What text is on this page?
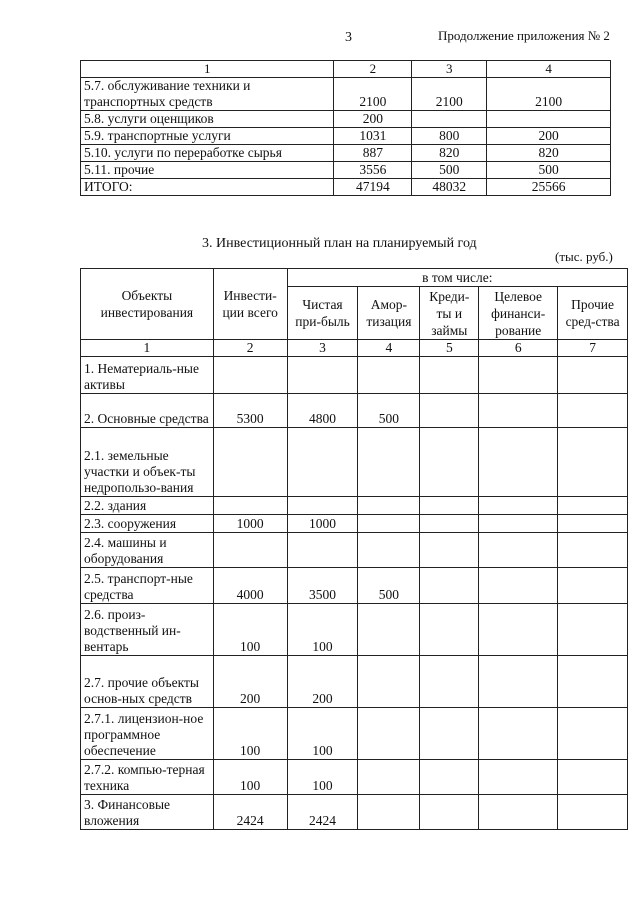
3	Продолжение приложения № 2
1	2	3	4
5.7. обслуживание техники и транспортных средств	2100	2100	2100
5.8. услуги оценщиков	200		
5.9. транспортные услуги	1031	800	200
5.10. услуги по переработке сырья	887	820	820
5.11. прочие	3556	500	500
ИТОГО:	47194	48032	25566
3. Инвестиционный план на планируемый год
(тыс. руб.)
Объекты инвестирования	Инвести-ции всего	в том числе:				
		Чистая при-быль	Амор-тизация	Креди-ты и займы	Целевое финанси-рование	Прочие сред-ства
1	2	3	4	5	6	7
1. Нематериаль-ные активы						
2. Основные средства	5300	4800	500			
2.1. земельные участки и объек-ты недропользо-вания						
2.2. здания						
2.3. сооружения	1000	1000				
2.4. машины и оборудования						
2.5. транспорт-ные средства	4000	3500	500			
2.6. произ-водственный ин-вентарь	100	100				
2.7. прочие объекты основ-ных средств	200	200				
2.7.1. лицензион-ное программное обеспечение	100	100				
2.7.2. компью-терная техника	100	100				
3. Финансовые вложения	2424	2424				
